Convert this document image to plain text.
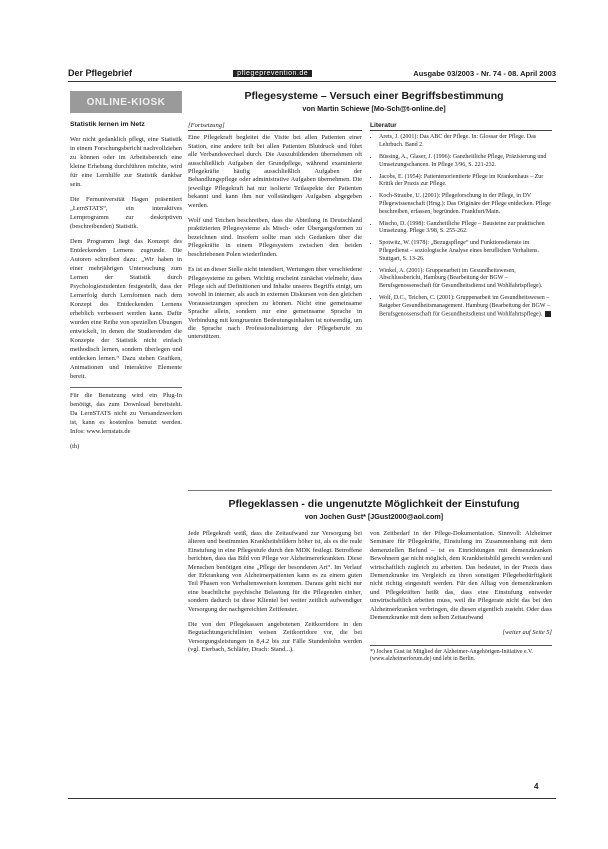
Der Pflegebrief	pflegeprevention.de	Ausgabe 03/2003 - Nr. 74 - 08. April 2003
ONLINE-KIOSK
Statistik lernen im Netz

Wer nicht gedanklich pflegt, eine Statistik in einem Forschungsbericht nachvollziehen zu können oder im Arbeitsbereich eine kleine Erhebung durchführen möchte, wird für eine Lernhilfe zur Statistik dankbar sein.

Die Fernuniversität Hagen präsentiert „LernSTATS“, ein interaktives Lernprogramm zur deskriptiven (beschreibenden) Statistik.

Dem Programm liegt das Konzept des Entdeckenden Lernens zugrunde. Die Autoren schreiben dazu: „Wir haben in einer mehrjährigen Untersuchung zum Lernen der Statistik durch Psychologiestudenten festgestellt, dass der Lernerfolg durch Lernformen nach dem Konzept des Entdeckenden Lernens erheblich verbessert werden kann. Dafür wurden eine Reihe von speziellen Übungen entwickelt, in denen die Studierenden die Konzepte der Statistik nicht einfach methodisch lernen, sondern überlegen und entdecken lernen.“ Dazu stehen Grafiken, Animationen und interaktive Elemente bereit.

Für die Benutzung wird ein Plug-In benötigt, das zum Download bereitsteht. Da LernSTATS nicht zu Versandzwecken ist, kann es kostenlos benutzt werden. Infos: www.lernstats.de

(th)

Pflegesysteme – Versuch einer Begriffsbestimmung
von Martin Schiewe [Mo-Sch@t-online.de]
[Fortsetzung]

Eine Pflegekraft begleitet die Visite bei allen Patienten einer Station, eine andere teilt bei allen Patienten Blutdruck und führt alle Verbandswechsel durch. Die Auszubildenden übernehmen oft ausschließlich Aufgaben der Grundpflege, während examinierte Pflegekräfte häufig ausschließlich Aufgaben der Behandlungspflege oder administrative Aufgaben übernehmen. Die jeweilige Pflegekraft hat nur isolierte Teilaspekte der Patienten bekannt und kann ihm nur vollständigen Aufgaben abgegeben werden.

Wolf und Teichen beschreiben, dass die Abteilung in Deutschland praktizierten Pflegesysteme als Misch- oder Übergangsformen zu bezeichnen sind. Insofern sollte man sich Gedanken über die Pflegekräfte in einem Pflegesystem zwischen den beiden beschriebenen Polen wiederfinden.

Es ist an dieser Stelle nicht intendiert, Wertungen über verschiedene Pflegesysteme zu geben. Wichtig erscheint zunächst vielmehr, dass Pflege sich auf Definitionen und Inhalte unseres Begriffs einigt, um sowohl in interner, als auch in externen Diskursen von den gleichen Voraussetzungen sprechen zu können. Nicht eine gemeinsame Sprache allein, sondern nur eine gemeinsame Sprache in Verbindung mit kongruenten Bedeutungsinhalten ist notwendig, um die Sprache nach Professionalisierung der Pflegeberufe zu unterstützen.

Literatur
• Arets, J. (2001): Das ABC der Pflege. In: Glossar der Pflege. Das Lehrbuch. Band 2.
• Büssing, A., Glaser, J. (1996): Ganzheitliche Pflege, Präzisierung und Umsetzungschancen. In Pflege 3/96, S. 221-232.
• Jacobs, E. (1954): Patientenorientierte Pflege im Krankenhaus – Zur Kritik der Praxis zur Pflege.
• Koch-Straube, U. (2001): Pflegeforschung in der Pflege, in DV Pflegewissenschaft (Hrsg.): Das Originäre der Pflege entdecken. Pflege beschreiben, erfassen, begründen. Frankfurt/Main.
• Mischo, D. (1998): Ganzheitliche Pflege – Bausteine zur praktischen Umsetzung. Pflege 3/98, S. 255-262.
• Spotwitz, W. (1978): „Bezugspflege“ und Funktionsdienste im Pflegedienst – soziologische Analyse eines beruflichen Verhaltens. Stuttgart, S. 13-26.
• Winkel, A. (2001): Gruppenarbeit im Gesundheitswesen, Abschlussbericht, Hamburg (Bearbeitung der BGW – Berufsgenossenschaft für Gesundheitsdienst und Wohlfahrtspflege).
• Wolf, D.C., Teichen, C. (2001): Gruppenarbeit im Gesundheitswesen – Ratgeber Gesundheitsmanagement. Hamburg (Bearbeitung der BGW – Berufsgenossenschaft für Gesundheitsdienst und Wohlfahrtspflege).
Pflegeklassen - die ungenutzte Möglichkeit der Einstufung
von Jochen Gust* [JGust2000@aol.com]

Jede Pflegekraft weiß, dass die Zeitaufwand zur Versorgung bei älteren und bestimmten Krankheitsbildern höher ist, als es die reale Einstufung in eine Pflegestufe durch den MDK festlegt. Betroffene berichten, dass das Bild von Pflege vor Alzheimererkrankten. Diese Menschen benötigen eine „Pflege der besonderen Art“. Im Verlauf der Erkrankung von Alzheimerpatienten kann es zu einem guten Teil Phasen von Verhaltensweisen kommen. Daraus geht nicht nur eine beachtliche psychische Belastung für die Pflegenden einher, sondern dadurch ist diese Klientel bei weiter zeitlich aufwendiger Versorgung der nachgereichten Zeitfenster.

Die von den Pflegekassen angebotenen Zeitkorridore in den Begutachtungsrichtlinien weisen Zeitkorridore vor, die bei Versorgungsleistungen in 8,4.2 bis zur Fälle Stundenlohn werden (vgl. Eierbach, Schläfer, Drach: Stand...).

von Zeitbedarf in der Pflege-Dokumentation. Sinnvoll: Alzheimer Seminare für Pflegekräfte, Einstufung im Zusammenhang mit dem demenziellen Befund – ist es Einrichtungen mit demenzkranken Bewohnern gar nicht möglich, dem Krankheitsbild gerecht werden und wirtschaftlich zugleich zu arbeiten. Das bedeutet, in der Praxis dass Demenzkranke im Vergleich zu ihren sonstigen Pflegebedürftigkeit nicht richtig eingestuft werden. Für den Alltag von demenzkranken und Pflegekräften heißt das, dass eine Einstufung entweder unwirtschaftlich arbeiten muss, weil die Pflegerate nicht das bei den Alzheimerkranken verbringen, die diesen eigentlich zusteht. Oder dass Demenzkranke mit dem selben Zeitaufwand

[weiter auf Seite 5]

*) Jochen Gust ist Mitglied der Alzheimer-Angehörigen-Initiative e.V. (www.alzheimerforum.de) und lebt in Berlin.
4
